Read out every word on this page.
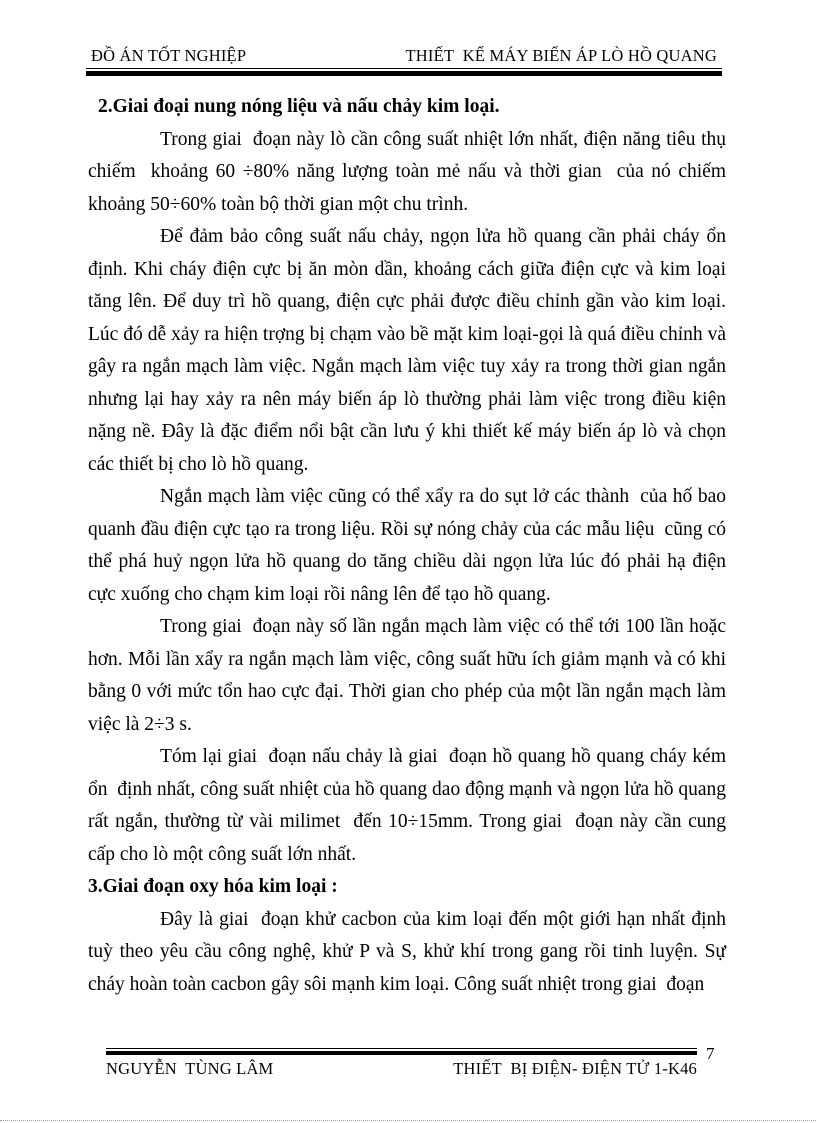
ĐỒ ÁN TỐT NGHIỆP	THIẾT  KẾ MÁY BIẾN ÁP LÒ HỒ QUANG

2.Giai đoại nung nóng liệu và nấu chảy kim loại.

Trong giai  đoạn này lò cần công suất nhiệt lớn nhất, điện năng tiêu thụ chiếm  khoảng 60 ÷80% năng lượng toàn mẻ nấu và thời gian  của nó chiếm khoảng 50÷60% toàn bộ thời gian một chu trình.

Để đảm bảo công suất nấu chảy, ngọn lửa hồ quang cần phải cháy ổn định. Khi cháy điện cực bị ăn mòn dần, khoảng cách giữa điện cực và kim loại tăng lên. Để duy trì hồ quang, điện cực phải được điều chỉnh gần vào kim loại. Lúc đó dễ xảy ra hiện trợng bị chạm vào bề mặt kim loại-gọi là quá điều chỉnh và gây ra ngắn mạch làm việc. Ngắn mạch làm việc tuy xảy ra trong thời gian ngắn nhưng lại hay xảy ra nên máy biến áp lò thường phải làm việc trong điều kiện nặng nề. Đây là đặc điểm nổi bật cần lưu ý khi thiết kế máy biến áp lò và chọn các thiết bị cho lò hồ quang.

Ngắn mạch làm việc cũng có thể xẩy ra do sụt lở các thành  của hố bao quanh đầu điện cực tạo ra trong liệu. Rồi sự nóng chảy của các mẫu liệu  cũng có thể phá huỷ ngọn lửa hồ quang do tăng chiều dài ngọn lửa lúc đó phải hạ điện cực xuống cho chạm kim loại rồi nâng lên để tạo hồ quang.

Trong giai  đoạn này số lần ngắn mạch làm việc có thể tới 100 lần hoặc hơn. Mỗi lần xẩy ra ngắn mạch làm việc, công suất hữu ích giảm mạnh và có khi bằng 0 với mức tổn hao cực đại. Thời gian cho phép của một lần ngắn mạch làm việc là 2÷3 s.

Tóm lại giai  đoạn nấu chảy là giai  đoạn hồ quang hồ quang cháy kém ổn  định nhất, công suất nhiệt của hồ quang dao động mạnh và ngọn lửa hồ quang rất ngắn, thường từ vài milimet  đến 10÷15mm. Trong giai  đoạn này cần cung cấp cho lò một công suất lớn nhất.

3.Giai đoạn oxy hóa kim loại :

Đây là giai  đoạn khử cacbon của kim loại đến một giới hạn nhất định tuỳ theo yêu cầu công nghệ, khử P và S, khử khí trong gang rồi tinh luyện. Sự cháy hoàn toàn cacbon gây sôi mạnh kim loại. Công suất nhiệt trong giai  đoạn

NGUYỄN  TÙNG LÂM	THIẾT  BỊ ĐIỆN- ĐIỆN TỬ 1-K46
7
